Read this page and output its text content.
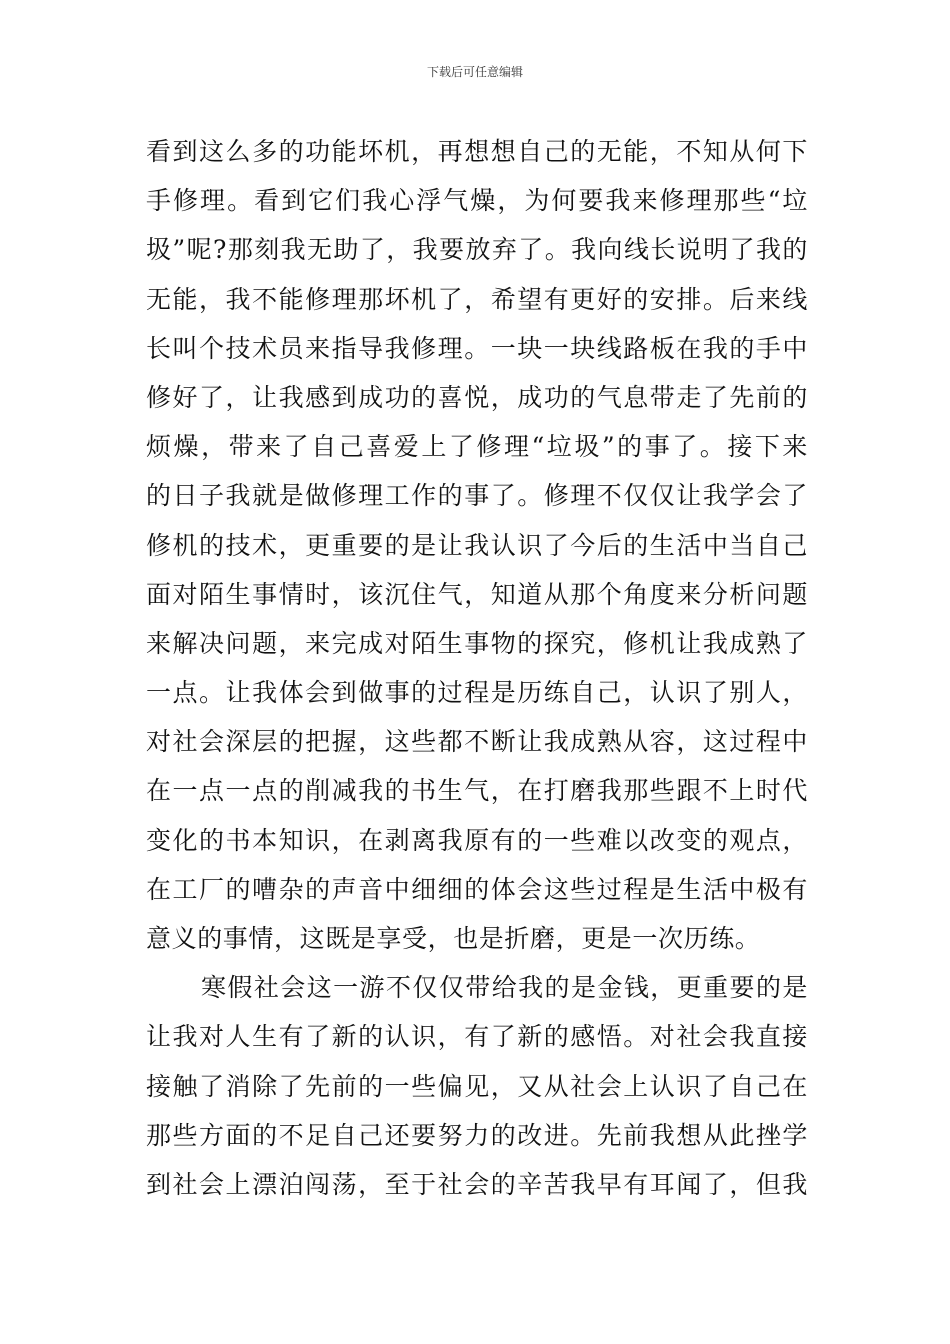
下载后可任意编辑
看到这么多的功能坏机，再想想自己的无能，不知从何下
手修理。看到它们我心浮气燥，为何要我来修理那些“垃
圾”呢?那刻我无助了，我要放弃了。我向线长说明了我的
无能，我不能修理那坏机了，希望有更好的安排。后来线
长叫个技术员来指导我修理。一块一块线路板在我的手中
修好了，让我感到成功的喜悦，成功的气息带走了先前的
烦燥，带来了自己喜爱上了修理“垃圾”的事了。接下来
的日子我就是做修理工作的事了。修理不仅仅让我学会了
修机的技术，更重要的是让我认识了今后的生活中当自己
面对陌生事情时，该沉住气，知道从那个角度来分析问题
来解决问题，来完成对陌生事物的探究，修机让我成熟了
一点。让我体会到做事的过程是历练自己，认识了别人，
对社会深层的把握，这些都不断让我成熟从容，这过程中
在一点一点的削减我的书生气，在打磨我那些跟不上时代
变化的书本知识，在剥离我原有的一些难以改变的观点，
在工厂的嘈杂的声音中细细的体会这些过程是生活中极有
意义的事情，这既是享受，也是折磨，更是一次历练。
寒假社会这一游不仅仅带给我的是金钱，更重要的是
让我对人生有了新的认识，有了新的感悟。对社会我直接
接触了消除了先前的一些偏见，又从社会上认识了自己在
那些方面的不足自己还要努力的改进。先前我想从此挫学
到社会上漂泊闯荡，至于社会的辛苦我早有耳闻了，但我
